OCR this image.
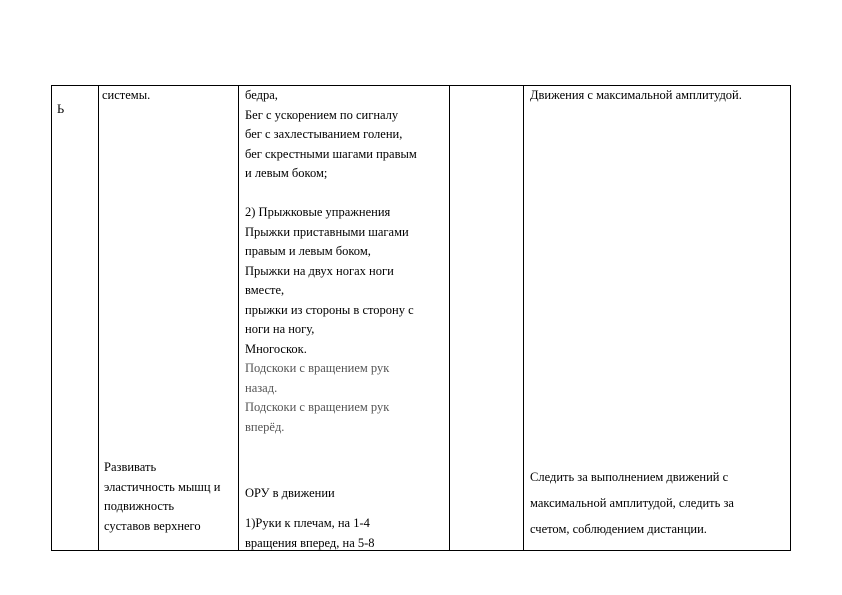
Ь
системы.
Развивать
эластичность мышц и
подвижность
суставов верхнего
бедра,
Бег с ускорением по сигналу
бег с захлестыванием голени,
бег скрестными шагами правым
и левым боком;
2) Прыжковые упражнения
Прыжки приставными шагами
правым и левым боком,
Прыжки на двух ногах ноги
вместе,
прыжки из стороны в сторону с
ноги на ногу,
Многоскок.
Подскоки с вращением рук
назад.
Подскоки с вращением рук
вперёд.
ОРУ в движении
1)Руки к плечам, на 1-4
вращения вперед, на 5-8
Движения с максимальной амплитудой.
Следить за выполнением движений с
максимальной амплитудой, следить за
счетом, соблюдением дистанции.
